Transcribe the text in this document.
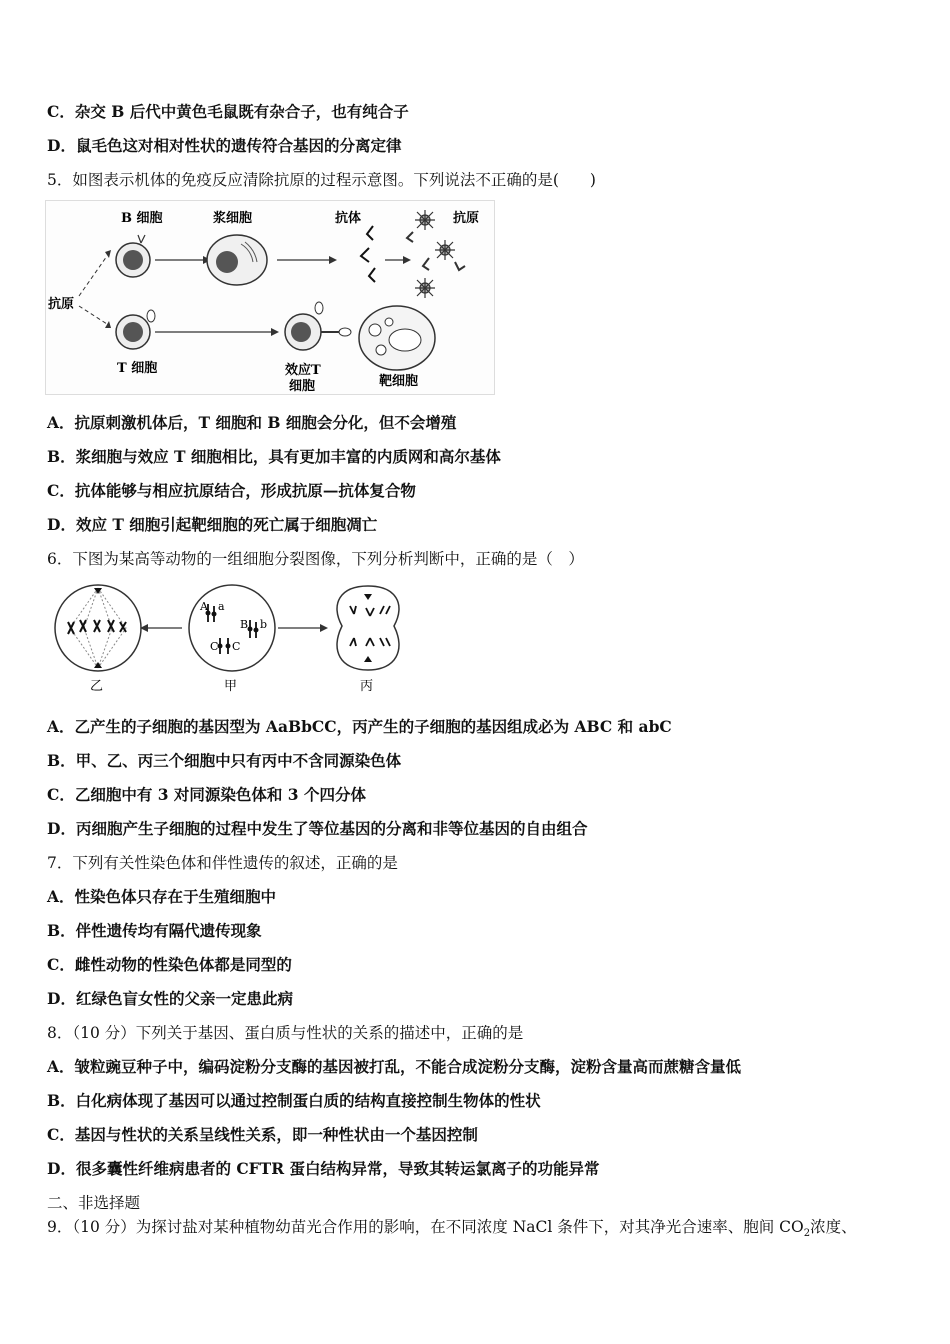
C．杂交 B 后代中黄色毛鼠既有杂合子，也有纯合子
D．鼠毛色这对相对性状的遗传符合基因的分离定律
5．如图表示机体的免疫反应清除抗原的过程示意图。下列说法不正确的是(　　)
B 细胞	浆细胞	抗体	抗原
抗原
T 细胞	效应T
细胞	靶细胞
A．抗原刺激机体后，T 细胞和 B 细胞会分化，但不会增殖
B．浆细胞与效应 T 细胞相比，具有更加丰富的内质网和高尔基体
C．抗体能够与相应抗原结合，形成抗原—抗体复合物
D．效应 T 细胞引起靶细胞的死亡属于细胞凋亡
6．下图为某高等动物的一组细胞分裂图像，下列分析判断中，正确的是（　）
乙
A a
B b
C C
甲	丙
A．乙产生的子细胞的基因型为 AaBbCC，丙产生的子细胞的基因组成必为 ABC 和 abC
B．甲、乙、丙三个细胞中只有丙中不含同源染色体
C．乙细胞中有 3 对同源染色体和 3 个四分体
D．丙细胞产生子细胞的过程中发生了等位基因的分离和非等位基因的自由组合
7．下列有关性染色体和伴性遗传的叙述，正确的是
A．性染色体只存在于生殖细胞中
B．伴性遗传均有隔代遗传现象
C．雌性动物的性染色体都是同型的
D．红绿色盲女性的父亲一定患此病
8．（10 分）下列关于基因、蛋白质与性状的关系的描述中，正确的是
A．皱粒豌豆种子中，编码淀粉分支酶的基因被打乱，不能合成淀粉分支酶，淀粉含量高而蔗糖含量低
B．白化病体现了基因可以通过控制蛋白质的结构直接控制生物体的性状
C．基因与性状的关系呈线性关系，即一种性状由一个基因控制
D．很多囊性纤维病患者的 CFTR 蛋白结构异常，导致其转运氯离子的功能异常
二、非选择题
9．（10 分）为探讨盐对某种植物幼苗光合作用的影响，在不同浓度 NaCl 条件下，对其净光合速率、胞间 $CO_2$浓度、
